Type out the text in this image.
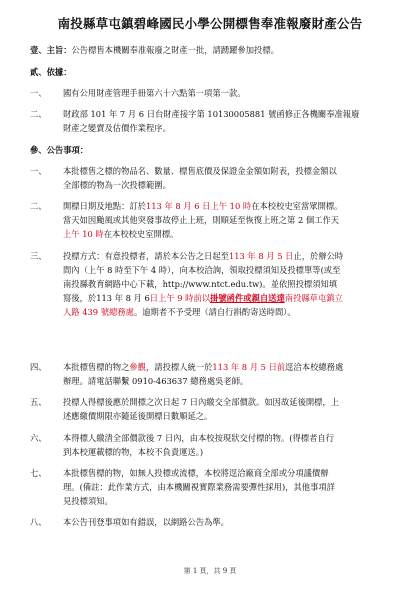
南投縣草屯鎮碧峰國民小學公開標售奉准報廢財產公告
壹、主旨：公告標售本機關奉准報廢之財產一批，請踴躍參加投標。
貳、依據：
一、 國有公用財產管理手冊第六十六點第一項第一款。
二、 財政部 101 年 7 月 6 日台財產接字第 10130005881 號函修正各機關奉准報廢
財產之變賣及估價作業程序。
參、公告事項：
一、 本批標售之標的物品名、數量、標售底價及保證金金額如附表，投標金額以
全部標的物為一次投標範圍。
二、 開標日期及地點：訂於113 年 8 月 6 日上午 10 時在本校校史室當眾開標。
當天如因颱風或其他突發事故停止上班，則順延至恢復上班之第 2 個工作天
上午 10 時在本校校史室開標。
三、 投標方式：有意投標者，請於本公告之日起至113 年 8 月 5 日止，於辦公時
間內（上午 8 時至下午 4 時），向本校洽詢，領取投標須知及投標單等(或至
南投縣教育網路中心下載，http://www.ntct.edu.tw)。並依照投標須知填
寫後，於113 年 8 月 6日上午 9 時前以掛號函件或親自送達南投縣草屯鎮立
人路 439 號總務處。逾期者不予受理（請自行斟酌寄送時間）。
四、 本批標售標的物之參觀，請投標人統一於113 年 8 月 5 日前逕洽本校總務處
辦理。請電話聯繫 0910-463637 總務處吳老師。
五、 投標人得標後應於開標之次日起 7 日內繳交全部價款。如因故延後開標，上
述應繳價期限亦隨延後開標日數順延之。
六、 本得標人繳清全部價款後 7 日內，由本校按現狀交付標的物。(得標者自行
到本校運載標的物，本校不負責運送。)
七、 本批標售標的物，如無人投標或流標，本校將逕洽廠商全部或分項議價辦
理。(備註：此作業方式，由本機關視實際業務需要彈性採用)，其他事項詳
見投標須知。
八、 本公告刊登事項如有錯誤，以網路公告為準。
第 1 頁，共 9 頁
